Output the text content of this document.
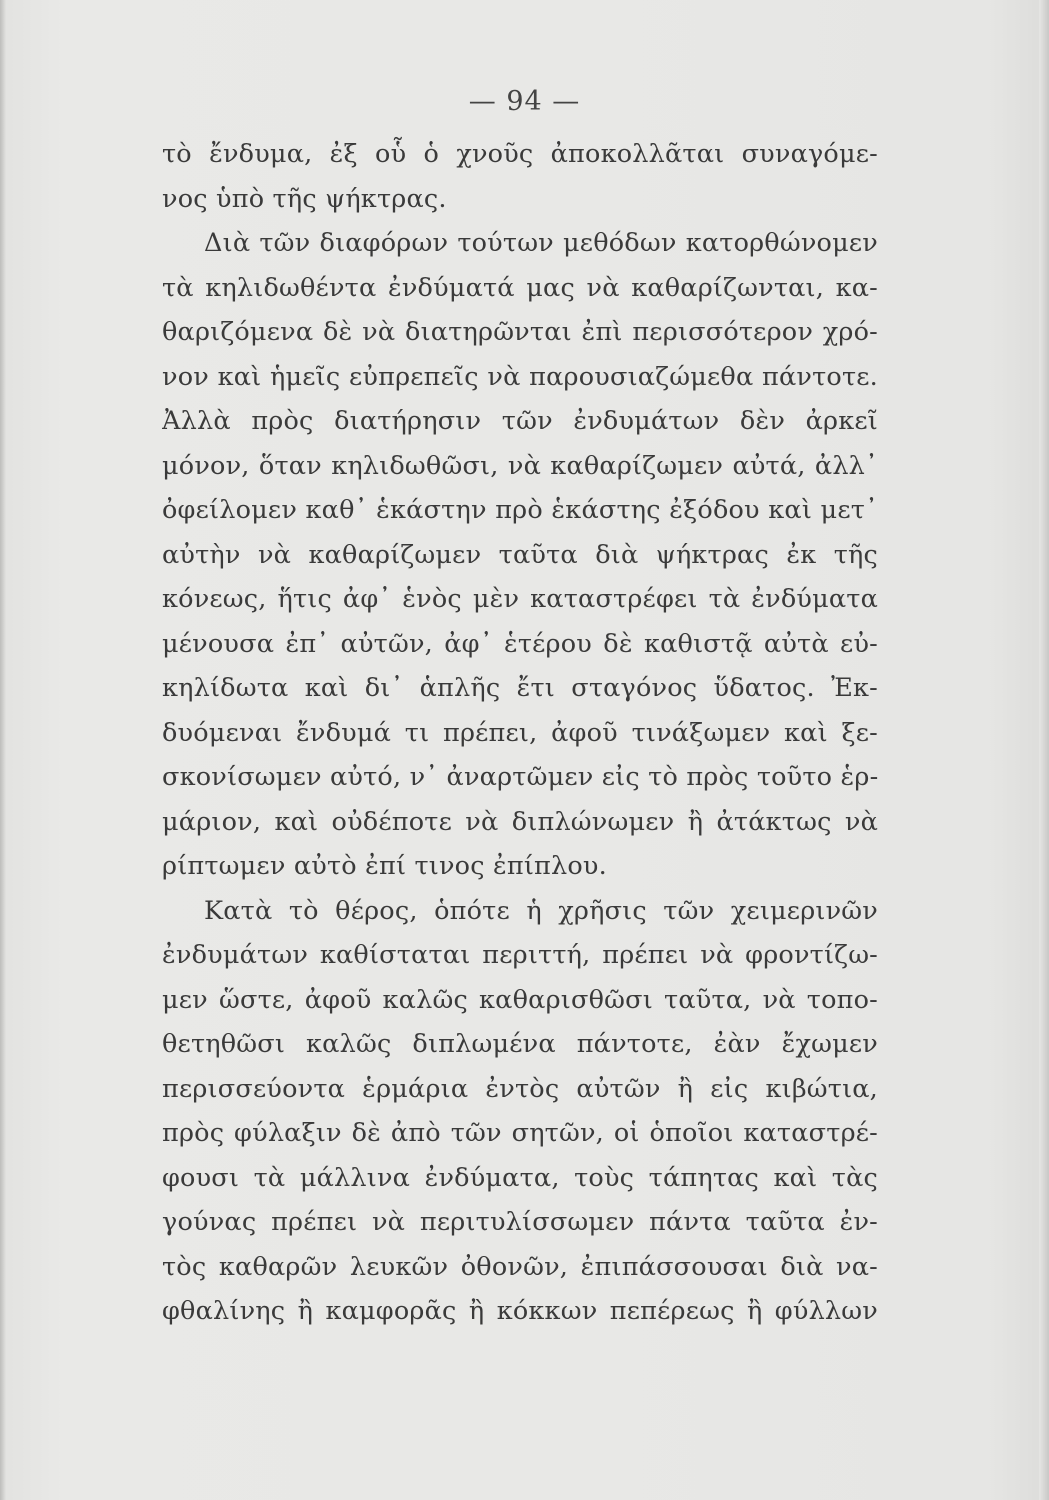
— 94 —
τὸ ἔνδυμα, ἐξ οὗ ὁ χνοῦς ἀποκολλᾶται συναγόμε-
νος ὑπὸ τῆς ψήκτρας.
Διὰ τῶν διαφόρων τούτων μεθόδων κατορθώνομεν
τὰ κηλιδωθέντα ἐνδύματά μας νὰ καθαρίζωνται, κα-
θαριζόμενα δὲ νὰ διατηρῶνται ἐπὶ περισσότερον χρό-
νον καὶ ἡμεῖς εὐπρεπεῖς νὰ παρουσιαζώμεθα πάντοτε.
Ἀλλὰ πρὸς διατήρησιν τῶν ἐνδυμάτων δὲν ἀρκεῖ
μόνον, ὅταν κηλιδωθῶσι, νὰ καθαρίζωμεν αὐτά, ἀλλ᾽
ὀφείλομεν καθ᾽ ἑκάστην πρὸ ἑκάστης ἐξόδου καὶ μετ᾽
αὐτὴν νὰ καθαρίζωμεν ταῦτα διὰ ψήκτρας ἐκ τῆς
κόνεως, ἥτις ἀφ᾽ ἑνὸς μὲν καταστρέφει τὰ ἐνδύματα
μένουσα ἐπ᾽ αὐτῶν, ἀφ᾽ ἑτέρου δὲ καθιστᾷ αὐτὰ εὐ-
κηλίδωτα καὶ δι᾽ ἁπλῆς ἔτι σταγόνος ὕδατος. Ἐκ-
δυόμεναι ἔνδυμά τι πρέπει, ἀφοῦ τινάξωμεν καὶ ξε-
σκονίσωμεν αὐτό, ν᾽ ἀναρτῶμεν εἰς τὸ πρὸς τοῦτο ἑρ-
μάριον, καὶ οὐδέποτε νὰ διπλώνωμεν ἢ ἀτάκτως νὰ
ρίπτωμεν αὐτὸ ἐπί τινος ἐπίπλου.
Κατὰ τὸ θέρος, ὁπότε ἡ χρῆσις τῶν χειμερινῶν
ἐνδυμάτων καθίσταται περιττή, πρέπει νὰ φροντίζω-
μεν ὥστε, ἀφοῦ καλῶς καθαρισθῶσι ταῦτα, νὰ τοπο-
θετηθῶσι καλῶς διπλωμένα πάντοτε, ἐὰν ἔχωμεν
περισσεύοντα ἑρμάρια ἐντὸς αὐτῶν ἢ εἰς κιβώτια,
πρὸς φύλαξιν δὲ ἀπὸ τῶν σητῶν, οἱ ὁποῖοι καταστρέ-
φουσι τὰ μάλλινα ἐνδύματα, τοὺς τάπητας καὶ τὰς
γούνας πρέπει νὰ περιτυλίσσωμεν πάντα ταῦτα ἐν-
τὸς καθαρῶν λευκῶν ὀθονῶν, ἐπιπάσσουσαι διὰ να-
φθαλίνης ἢ καμφορᾶς ἢ κόκκων πεπέρεως ἢ φύλλων
